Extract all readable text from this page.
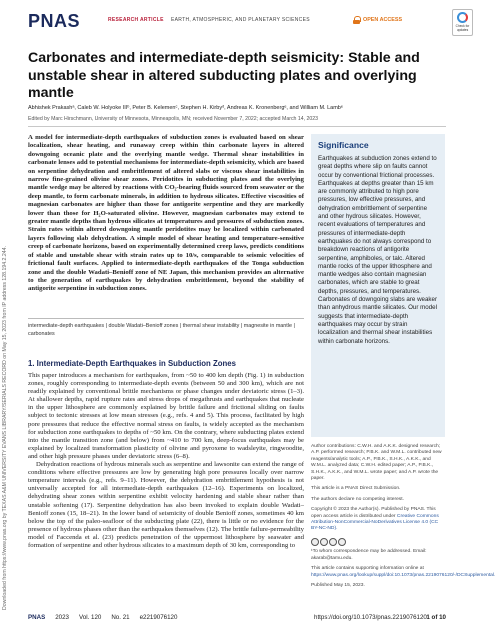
Downloaded from https://www.pnas.org by TEXAS A&M UNIVERSITY EVANS LIBRARY/SERIALS RECORD on May 15, 2023 from IP address 128.194.2.244.
PNAS	RESEARCH ARTICLE EARTH, ATMOSPHERIC, AND PLANETARY SCIENCES	OPEN ACCESS
Check for updates
Carbonates and intermediate-depth seismicity: Stable and unstable shear in altered subducting plates and overlying mantle
Abhishek Prakashᵃ, Caleb W. Holyoke IIIᵇ, Peter B. Kelemenᶜ, Stephen H. Kirbyᵈ, Andreas K. Kronenbergᵉ, and William M. Lambᵉ
Edited by Marc Hirschmann, University of Minnesota, Minneapolis, MN; received November 7, 2022; accepted March 14, 2023

A model for intermediate-depth earthquakes of subduction zones is evaluated based on shear localization, shear heating, and runaway creep within thin carbonate layers in altered downgoing oceanic plate and the overlying mantle wedge. Thermal shear instabilities in carbonate lenses add to potential mechanisms for intermediate-depth seismicity, which are based on serpentine dehydration and embrittlement of altered slabs or viscous shear instabilities in narrow fine-grained olivine shear zones. Peridotites in subducting plates and the overlying mantle wedge may be altered by reactions with CO₂-bearing fluids sourced from seawater or the deep mantle, to form carbonate minerals, in addition to hydrous silicates. Effective viscosities of magnesian carbonates are higher than those for antigorite serpentine and they are markedly lower than those for H₂O-saturated olivine. However, magnesian carbonates may extend to greater mantle depths than hydrous silicates at temperatures and pressures of subduction zones. Strain rates within altered downgoing mantle peridotites may be localized within carbonated layers following slab dehydration. A simple model of shear heating and temperature-sensitive creep of carbonate horizons, based on experimentally determined creep laws, predicts conditions of stable and unstable shear with strain rates up to 10/s, comparable to seismic velocities of frictional fault surfaces. Applied to intermediate-depth earthquakes of the Tonga subduction zone and the double Wadati–Benioff zone of NE Japan, this mechanism provides an alternative to the generation of earthquakes by dehydration embrittlement, beyond the stability of antigorite serpentine in subduction zones.

intermediate-depth earthquakes | double Wadati–Benioff zones | thermal shear instability | magnesite in mantle | carbonates
1. Intermediate-Depth Earthquakes in Subduction Zones

This paper introduces a mechanism for earthquakes, from ~50 to 400 km depth (Fig. 1) in subduction zones, roughly corresponding to intermediate-depth events (between 50 and 300 km), which are not readily explained by conventional brittle mechanisms or phase changes under deviatoric stress (1–3). At shallower depths, rapid rupture rates and stress drops of megathrusts and earthquakes that nucleate in the upper lithosphere are commonly explained by brittle failure and frictional sliding on faults subject to tectonic stresses at low mean stresses (e.g., refs. 4 and 5). This process, facilitated by high pore pressures that reduce the effective normal stress on faults, is widely accepted as the mechanism for subduction zone earthquakes to depths of ~50 km. On the contrary, where subducting plates extend into the mantle transition zone (and below) from ~410 to 700 km, deep-focus earthquakes may be explained by localized transformation plasticity of olivine and pyroxene to wadsleyite, ringwoodite, and other high pressure phases under deviatoric stress (6–8).

Dehydration reactions of hydrous minerals such as serpentine and lawsonite can extend the range of conditions where effective pressures are low by generating high pore pressures locally over narrow temperature intervals (e.g., refs. 9–11). However, the dehydration embrittlement hypothesis is not universally accepted for all intermediate-depth earthquakes (12–16). Experiments on localized, dehydrating shear zones within serpentine exhibit velocity hardening and stable shear rather than unstable softening (17). Serpentine dehydration has also been invoked to explain double Wadati–Benioff zones (15, 18–21). In the lower band of seismicity of double Benioff zones, sometimes 40 km below the top of the paleo-seafloor of the subducting plate (22), there is little or no evidence for the presence of hydrous phases other than the earthquakes themselves (12). The brittle failure-permeability model of Faccenda et al. (23) predicts penetration of the uppermost lithosphere by seawater and formation of serpentine and other hydrous silicates to a maximum depth of 30 km, corresponding to

Significance

Earthquakes at subduction zones extend to great depths where slip on faults cannot occur by conventional frictional processes. Earthquakes at depths greater than 15 km are commonly attributed to high pore pressures, low effective pressures, and dehydration embrittlement of serpentine and other hydrous silicates. However, recent evaluations of temperatures and pressures of intermediate-depth earthquakes do not always correspond to breakdown reactions of antigorite serpentine, amphiboles, or talc. Altered mantle rocks of the upper lithosphere and mantle wedges also contain magnesian carbonates, which are stable to great depths, pressures, and temperatures. Carbonates of downgoing slabs are weaker than anhydrous mantle silicates. Our model suggests that intermediate-depth earthquakes may occur by strain localization and thermal shear instabilities within carbonate horizons.

Author contributions: C.W.H. and A.K.K. designed research; A.P. performed research; P.B.K. and W.M.L. contributed new reagents/analytic tools; A.P., P.B.K., S.H.K., A.K.K., and W.M.L. analyzed data; C.W.H. edited paper; A.P., P.B.K., S.H.K., A.K.K., and W.M.L. wrote paper; and A.P. wrote the paper.

This article is a PNAS Direct Submission.

The authors declare no competing interest.

Copyright © 2023 the Author(s). Published by PNAS. This open access article is distributed under Creative Commons Attribution-NonCommercial-NoDerivatives License 4.0 (CC BY-NC-ND).

¹To whom correspondence may be addressed. Email: akarab@tamu.edu.

This article contains supporting information online at https://www.pnas.org/lookup/suppl/doi:10.1073/pnas.2219076120/-/DCSupplemental.

Published May 15, 2023.

PNAS 2023 Vol. 120 No. 21 e2219076120	https://doi.org/10.1073/pnas.2219076120 1 of 10
